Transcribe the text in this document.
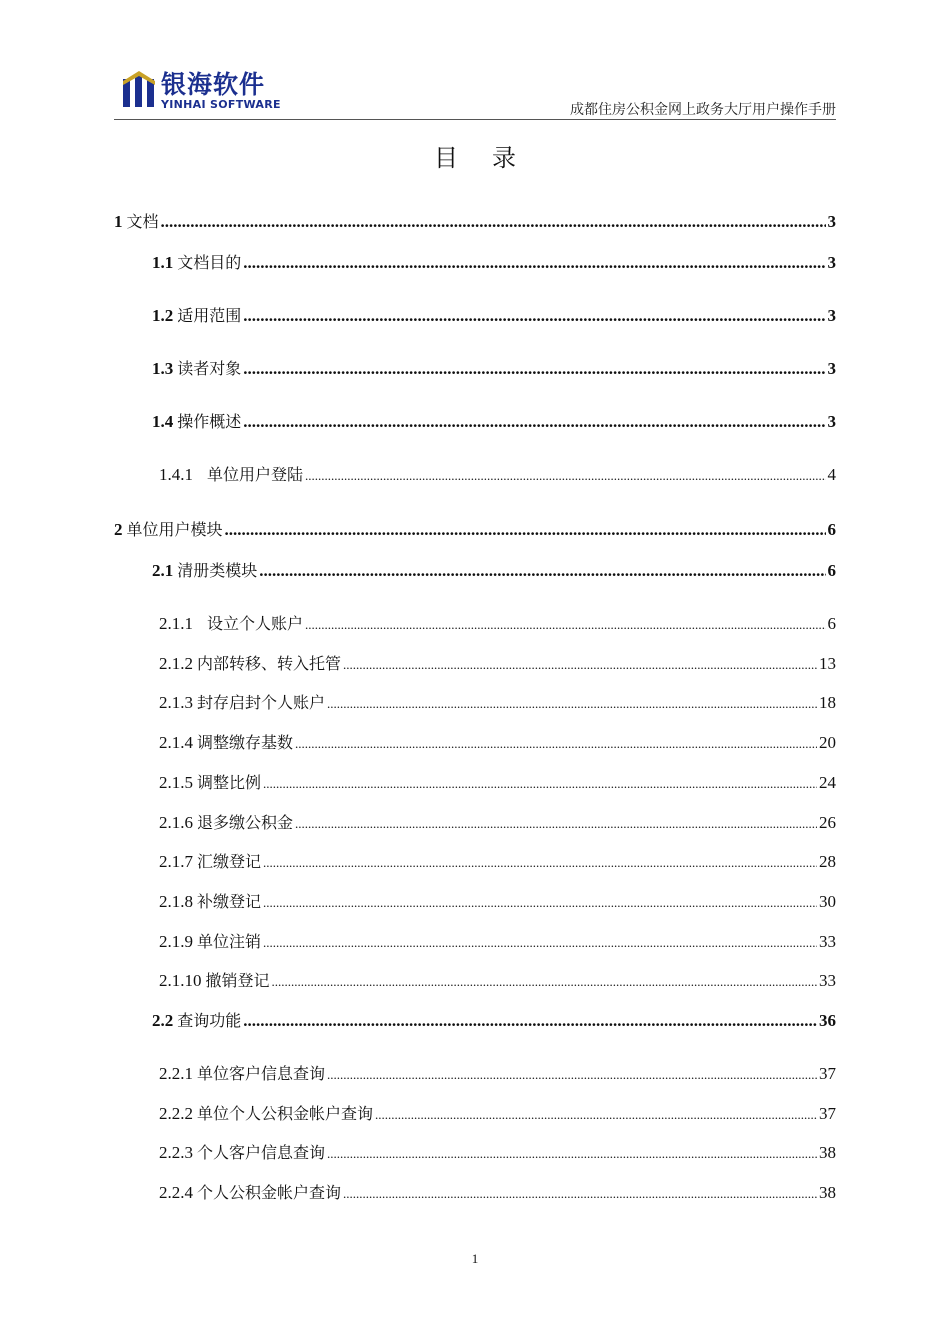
银海软件
YINHAI SOFTWARE	成都住房公积金网上政务大厅用户操作手册
目录
1 文档 .....	3
1.1 文档目的 .....	3
1.2 适用范围 .....	3
1.3 读者对象 .....	3
1.4 操作概述 .....	3
1.4.1 单位用户登陆 .....	4
2 单位用户模块 .....	6
2.1 清册类模块 .....	6
2.1.1 设立个人账户 .....	6
2.1.2 内部转移、转入托管 .....	13
2.1.3 封存启封个人账户 .....	18
2.1.4 调整缴存基数 .....	20
2.1.5 调整比例 .....	24
2.1.6 退多缴公积金 .....	26
2.1.7 汇缴登记 .....	28
2.1.8 补缴登记 .....	30
2.1.9 单位注销 .....	33
2.1.10 撤销登记 .....	33
2.2 查询功能 .....	36
2.2.1 单位客户信息查询 .....	37
2.2.2 单位个人公积金帐户查询 .....	37
2.2.3 个人客户信息查询 .....	38
2.2.4 个人公积金帐户查询 .....	38
1
